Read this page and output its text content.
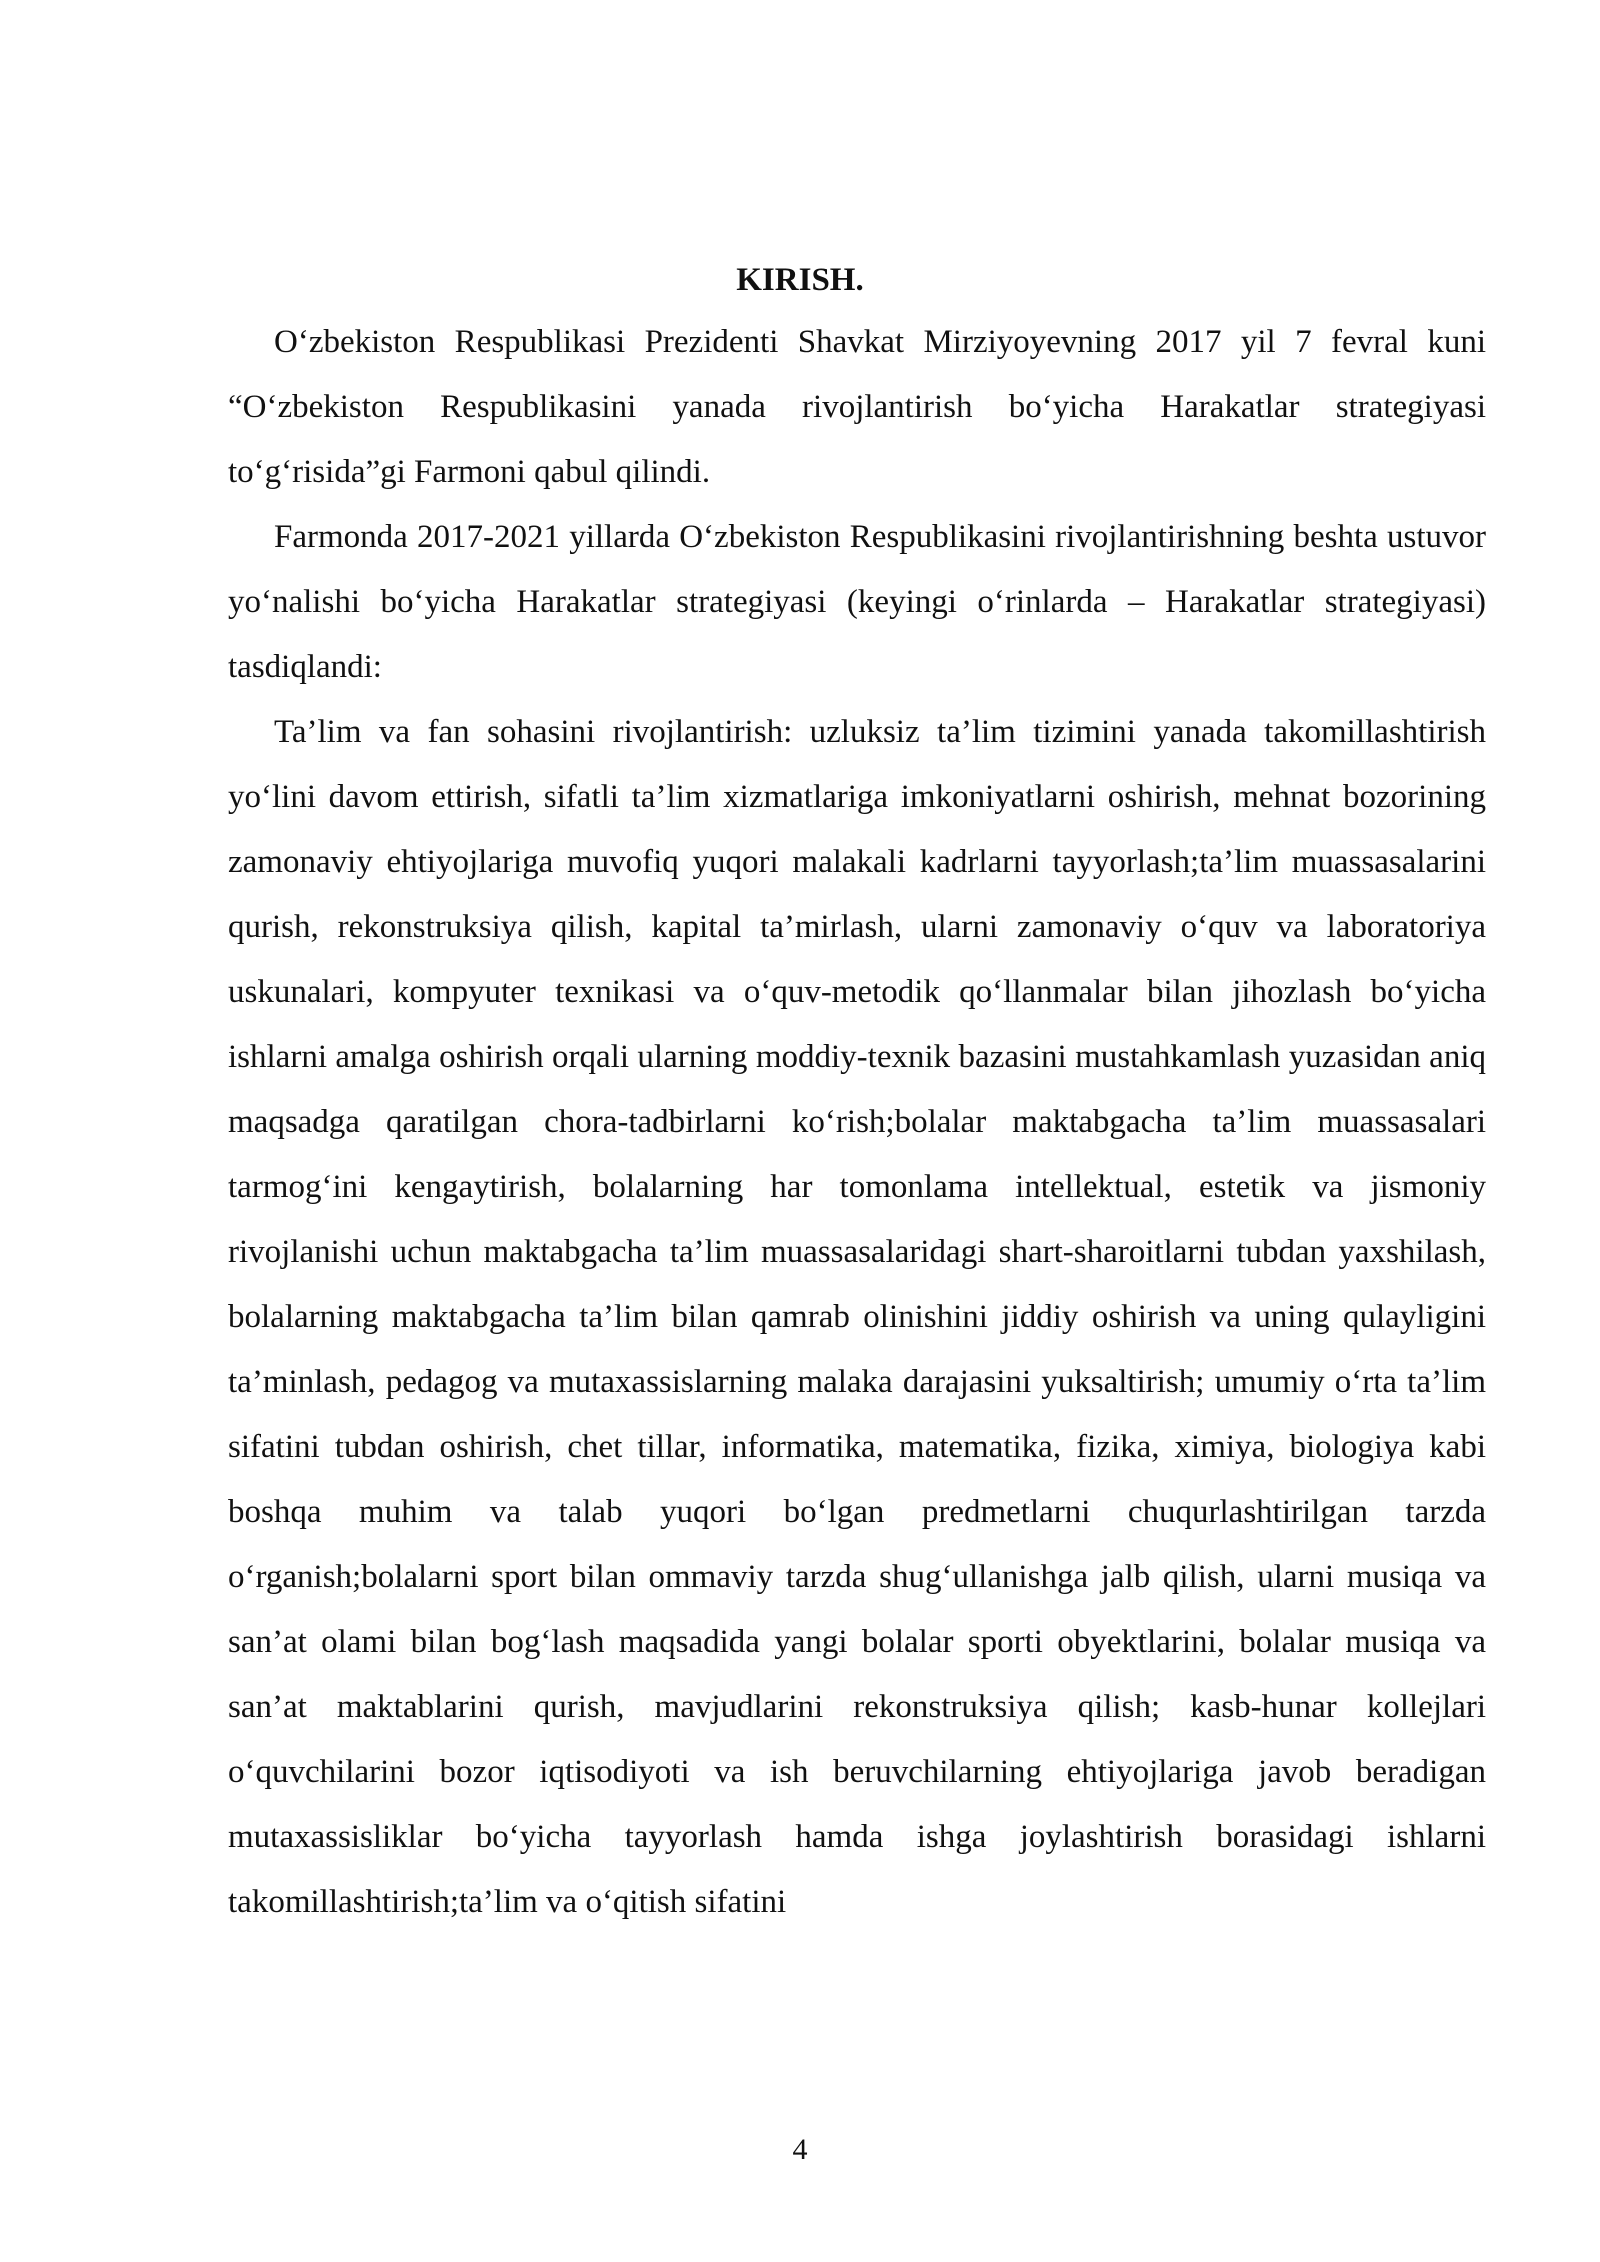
KIRISH.

O‘zbekiston Respublikasi Prezidenti Shavkat Mirziyoyevning 2017 yil 7 fevral kuni “O‘zbekiston Respublikasini yanada rivojlantirish bo‘yicha Harakatlar strategiyasi to‘g‘risida”gi Farmoni qabul qilindi.

Farmonda 2017-2021 yillarda O‘zbekiston Respublikasini rivojlantirishning beshta ustuvor yo‘nalishi bo‘yicha Harakatlar strategiyasi (keyingi o‘rinlarda – Harakatlar strategiyasi) tasdiqlandi:

Ta’lim va fan sohasini rivojlantirish: uzluksiz ta’lim tizimini yanada takomillashtirish yo‘lini davom ettirish, sifatli ta’lim xizmatlariga imkoniyatlarni oshirish, mehnat bozorining zamonaviy ehtiyojlariga muvofiq yuqori malakali kadrlarni tayyorlash;ta’lim muassasalarini qurish, rekonstruksiya qilish, kapital ta’mirlash, ularni zamonaviy o‘quv va laboratoriya uskunalari, kompyuter texnikasi va o‘quv-metodik qo‘llanmalar bilan jihozlash bo‘yicha ishlarni amalga oshirish orqali ularning moddiy-texnik bazasini mustahkamlash yuzasidan aniq maqsadga qaratilgan chora-tadbirlarni ko‘rish;bolalar maktabgacha ta’lim muassasalari tarmog‘ini kengaytirish, bolalarning har tomonlama intellektual, estetik va jismoniy rivojlanishi uchun maktabgacha ta’lim muassasalaridagi shart-sharoitlarni tubdan yaxshilash, bolalarning maktabgacha ta’lim bilan qamrab olinishini jiddiy oshirish va uning qulayligini ta’minlash, pedagog va mutaxassislarning malaka darajasini yuksaltirish; umumiy o‘rta ta’lim sifatini tubdan oshirish, chet tillar, informatika, matematika, fizika, ximiya, biologiya kabi boshqa muhim va talab yuqori bo‘lgan predmetlarni chuqurlashtirilgan tarzda o‘rganish;bolalarni sport bilan ommaviy tarzda shug‘ullanishga jalb qilish, ularni musiqa va san’at olami bilan bog‘lash maqsadida yangi bolalar sporti obyektlarini, bolalar musiqa va san’at maktablarini qurish, mavjudlarini rekonstruksiya qilish; kasb-hunar kollejlari o‘quvchilarini bozor iqtisodiyoti va ish beruvchilarning ehtiyojlariga javob beradigan mutaxassisliklar bo‘yicha tayyorlash hamda ishga joylashtirish borasidagi ishlarni takomillashtirish;ta’lim va o‘qitish sifatini

4
